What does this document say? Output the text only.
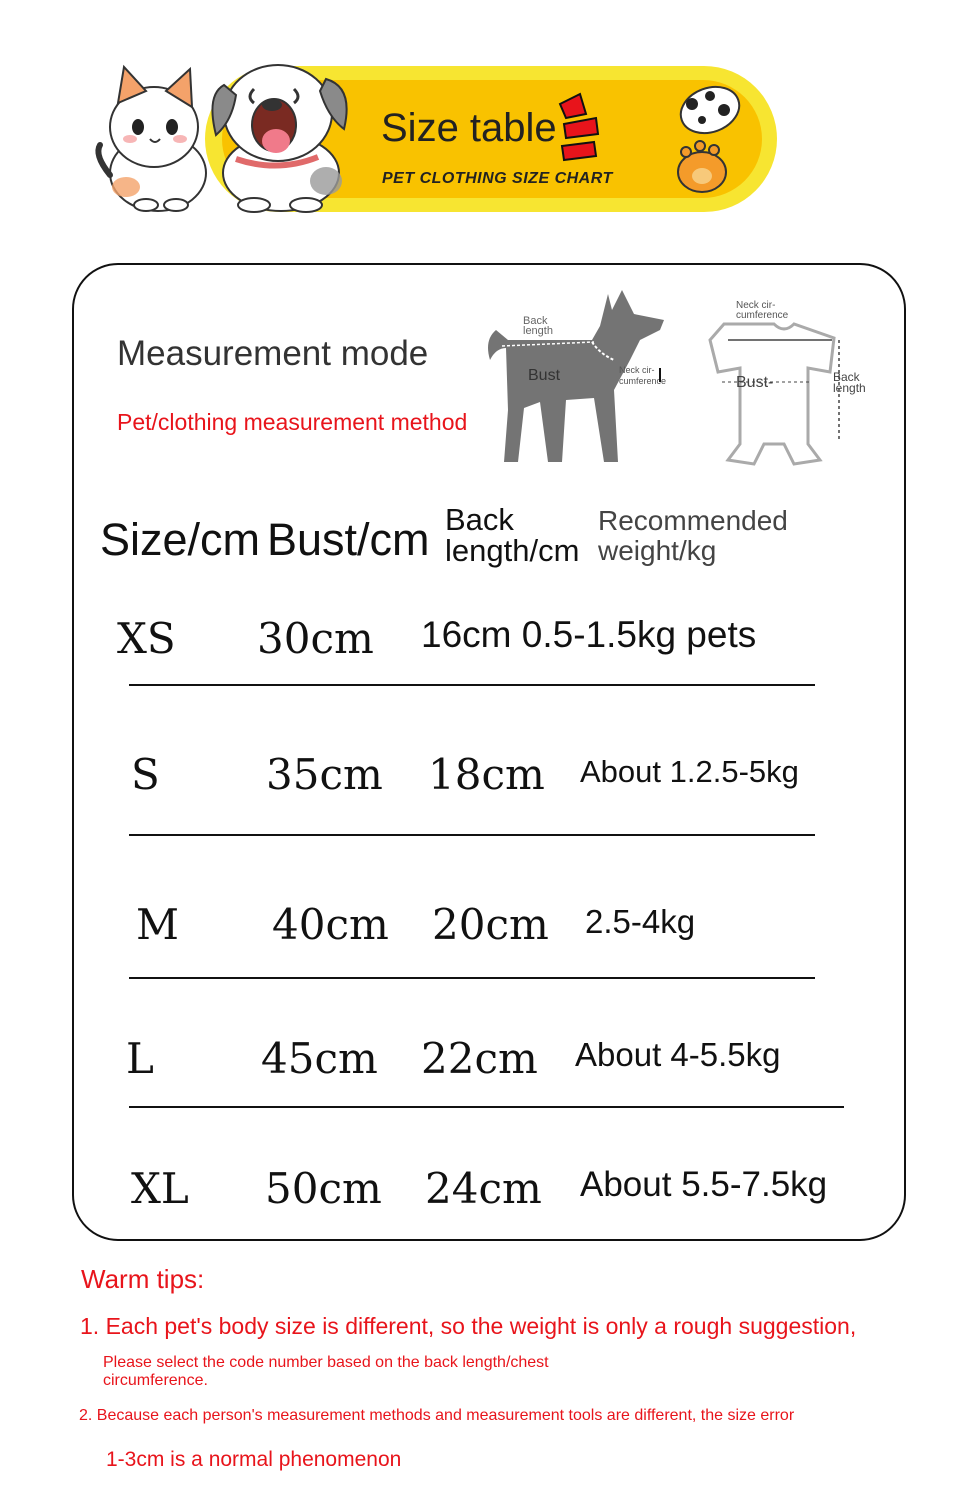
Size table
PET CLOTHING SIZE CHART
Measurement mode
Pet/clothing measurement method
Back
length
Bust	Neck cir-
cumference
Neck cir-
cumference
Bust-	Back
length
Size/cm Bust/cm Back length/cm
Recommended weight/kg
XS 30cm 16cm 0.5-1.5kg pets
S	35cm 18cm About 1.2.5-5kg
M 40cm 20cm 2.5-4kg
L	45cm 22cm About 4-5.5kg
XL 50cm 24cm About 5.5-7.5kg
Warm tips:
1. Each pet's body size is different, so the weight is only a rough suggestion,
Please select the code number based on the back length/chest circumference.
2. Because each person's measurement methods and measurement tools are different, the size error
1-3cm is a normal phenomenon
